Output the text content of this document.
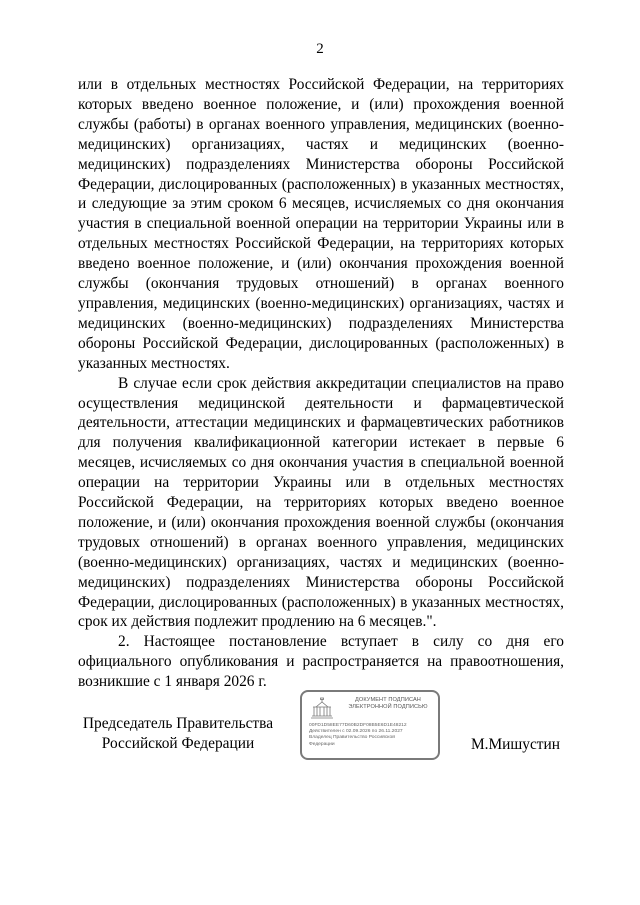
2

или в отдельных местностях Российской Федерации, на территориях которых введено военное положение, и (или) прохождения военной службы (работы) в органах военного управления, медицинских (военно-медицинских) организациях, частях и медицинских (военно-медицинских) подразделениях Министерства обороны Российской Федерации, дислоцированных (расположенных) в указанных местностях, и следующие за этим сроком 6 месяцев, исчисляемых со дня окончания участия в специальной военной операции на территории Украины или в отдельных местностях Российской Федерации, на территориях которых введено военное положение, и (или) окончания прохождения военной службы (окончания трудовых отношений) в органах военного управления, медицинских (военно-медицинских) организациях, частях и медицинских (военно-медицинских) подразделениях Министерства обороны Российской Федерации, дислоцированных (расположенных) в указанных местностях.

В случае если срок действия аккредитации специалистов на право осуществления медицинской деятельности и фармацевтической деятельности, аттестации медицинских и фармацевтических работников для получения квалификационной категории истекает в первые 6 месяцев, исчисляемых со дня окончания участия в специальной военной операции на территории Украины или в отдельных местностях Российской Федерации, на территориях которых введено военное положение, и (или) окончания прохождения военной службы (окончания трудовых отношений) в органах военного управления, медицинских (военно-медицинских) организациях, частях и медицинских (военно-медицинских) подразделениях Министерства обороны Российской Федерации, дислоцированных (расположенных) в указанных местностях, срок их действия подлежит продлению на 6 месяцев.".

2. Настоящее постановление вступает в силу со дня его официального опубликования и распространяется на правоотношения, возникшие с 1 января 2026 г.

Председатель Правительства
Российской Федерации
ДОКУМЕНТ ПОДПИСАН
ЭЛЕКТРОННОЙ ПОДПИСЬЮ
00FD1D58EE77D60B2DF08B5E6D1E48212
Действителен с 02.09.2026 по 26.11.2027
Владелец Правительство Российской
Федерации	М.Мишустин
